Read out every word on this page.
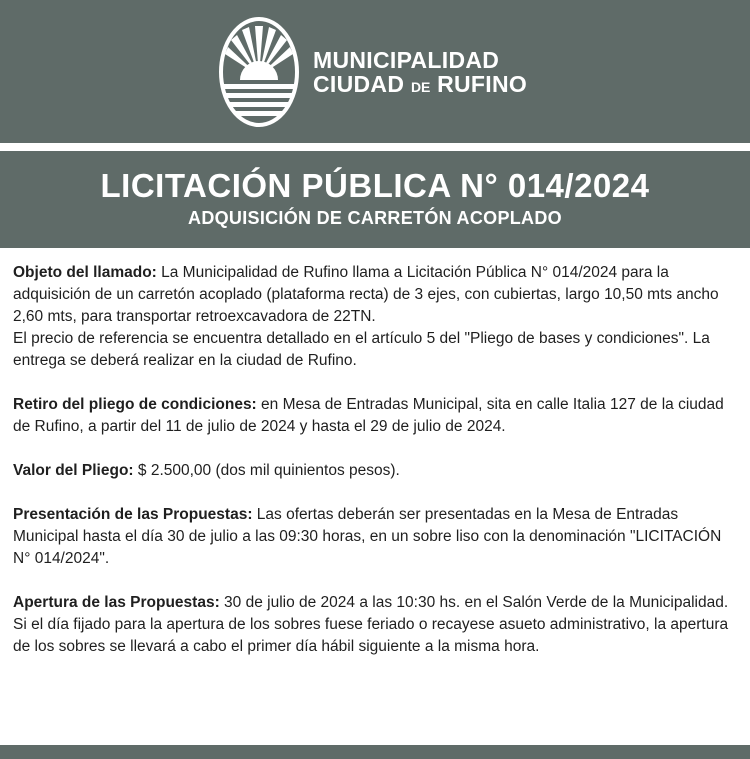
MUNICIPALIDAD
CIUDAD DE RUFINO
LICITACIÓN PÚBLICA N° 014/2024
ADQUISICIÓN DE CARRETÓN ACOPLADO

Objeto del llamado: La Municipalidad de Rufino llama a Licitación Pública N° 014/2024 para la adquisición de un carretón acoplado (plataforma recta) de 3 ejes, con cubiertas, largo 10,50 mts ancho 2,60 mts, para transportar retroexcavadora de 22TN.
El precio de referencia se encuentra detallado en el artículo 5 del "Pliego de bases y condiciones". La entrega se deberá realizar en la ciudad de Rufino.

Retiro del pliego de condiciones: en Mesa de Entradas Municipal, sita en calle Italia 127 de la ciudad de Rufino, a partir del 11 de julio de 2024 y hasta el 29 de julio de 2024.

Valor del Pliego: $ 2.500,00 (dos mil quinientos pesos).

Presentación de las Propuestas: Las ofertas deberán ser presentadas en la Mesa de Entradas Municipal hasta el día 30 de julio a las 09:30 horas, en un sobre liso con la denominación "LICITACIÓN N° 014/2024".

Apertura de las Propuestas: 30 de julio de 2024 a las 10:30 hs. en el Salón Verde de la Municipalidad. Si el día fijado para la apertura de los sobres fuese feriado o recayese asueto administrativo, la apertura de los sobres se llevará a cabo el primer día hábil siguiente a la misma hora.
